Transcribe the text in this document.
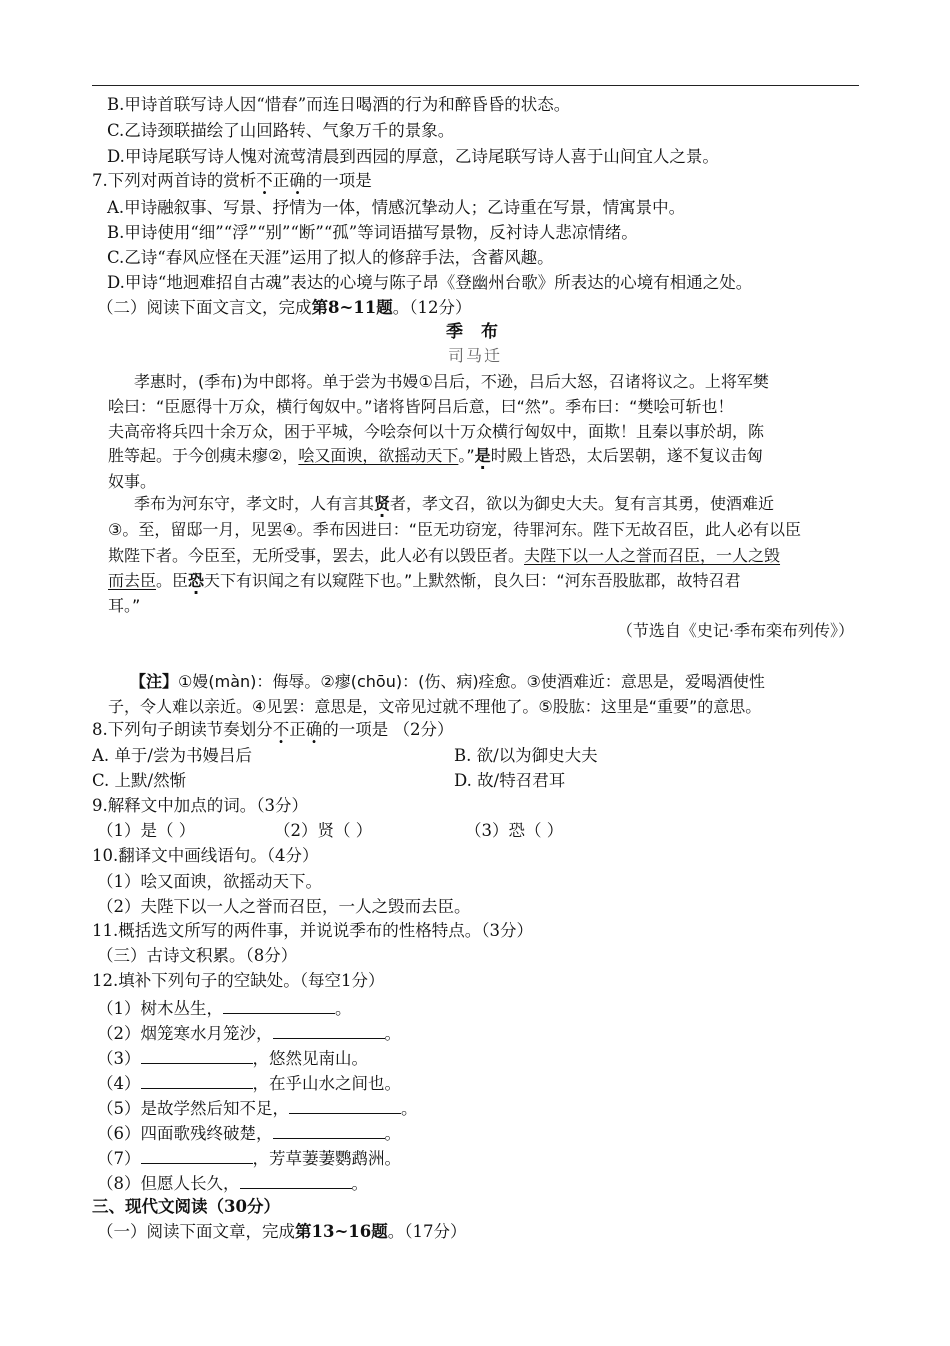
B.甲诗首联写诗人因“惜春”而连日喝酒的行为和醉昏昏的状态。
C.乙诗颈联描绘了山回路转、气象万千的景象。
D.甲诗尾联写诗人愧对流莺清晨到西园的厚意，乙诗尾联写诗人喜于山间宜人之景。
7.下列对两首诗的赏析不正确的一项是
A.甲诗融叙事、写景、抒情为一体，情感沉挚动人；乙诗重在写景，情寓景中。
B.甲诗使用“细”“浮”“别”“断”“孤”等词语描写景物，反衬诗人悲凉情绪。
C.乙诗“春风应怪在天涯”运用了拟人的修辞手法，含蓄风趣。
D.甲诗“地迥难招自古魂”表达的心境与陈子昂《登幽州台歌》所表达的心境有相通之处。
（二）阅读下面文言文，完成第8~11题。（12分）
季 布
司马迁
孝惠时，(季布)为中郎将。单于尝为书嫚①吕后，不逊，吕后大怒，召诸将议之。上将军樊
哙曰：“臣愿得十万众，横行匈奴中。”诸将皆阿吕后意，曰“然”。季布曰：“樊哙可斩也！
夫高帝将兵四十余万众，困于平城，今哙奈何以十万众横行匈奴中，面欺！且秦以事於胡，陈
胜等起。于今创痍未瘳②，哙又面谀，欲摇动天下。”是时殿上皆恐，太后罢朝，遂不复议击匈
奴事。
季布为河东守，孝文时，人有言其贤者，孝文召，欲以为御史大夫。复有言其勇，使酒难近
③。至，留邸一月，见罢④。季布因进曰：“臣无功窃宠，待罪河东。陛下无故召臣，此人必有以臣
欺陛下者。今臣至，无所受事，罢去，此人必有以毁臣者。夫陛下以一人之誉而召臣，一人之毁
而去臣。臣恐天下有识闻之有以窥陛下也。”上默然惭，良久曰：“河东吾股肱郡，故特召君
耳。”
（节选自《史记·季布栾布列传》）
【注】①嫚(màn)：侮辱。②瘳(chōu)：(伤、病)痊愈。③使酒难近：意思是，爱喝酒使性
子，令人难以亲近。④见罢：意思是，文帝见过就不理他了。⑤股肱：这里是“重要”的意思。
8.下列句子朗读节奏划分不正确的一项是 （2分）
A. 单于/尝为书嫚吕后	B. 欲/以为御史大夫
C. 上默/然惭	D. 故/特召君耳
9.解释文中加点的词。（3分）
（1）是（ ）	（2）贤（ ）	（3）恐（ ）
10.翻译文中画线语句。（4分）
（1）哙又面谀，欲摇动天下。
（2）夫陛下以一人之誉而召臣，一人之毁而去臣。
11.概括选文所写的两件事，并说说季布的性格特点。（3分）
（三）古诗文积累。（8分）
12.填补下列句子的空缺处。（每空1分）
（1）树木丛生，	。
（2）烟笼寒水月笼沙，	。
（3）	，悠然见南山。
（4）	，在乎山水之间也。
（5）是故学然后知不足，	。
（6）四面歌残终破楚，	。
（7）	，芳草萋萋鹦鹉洲。
（8）但愿人长久，	。
三、现代文阅读（30分）
（一）阅读下面文章，完成第13~16题。（17分）
